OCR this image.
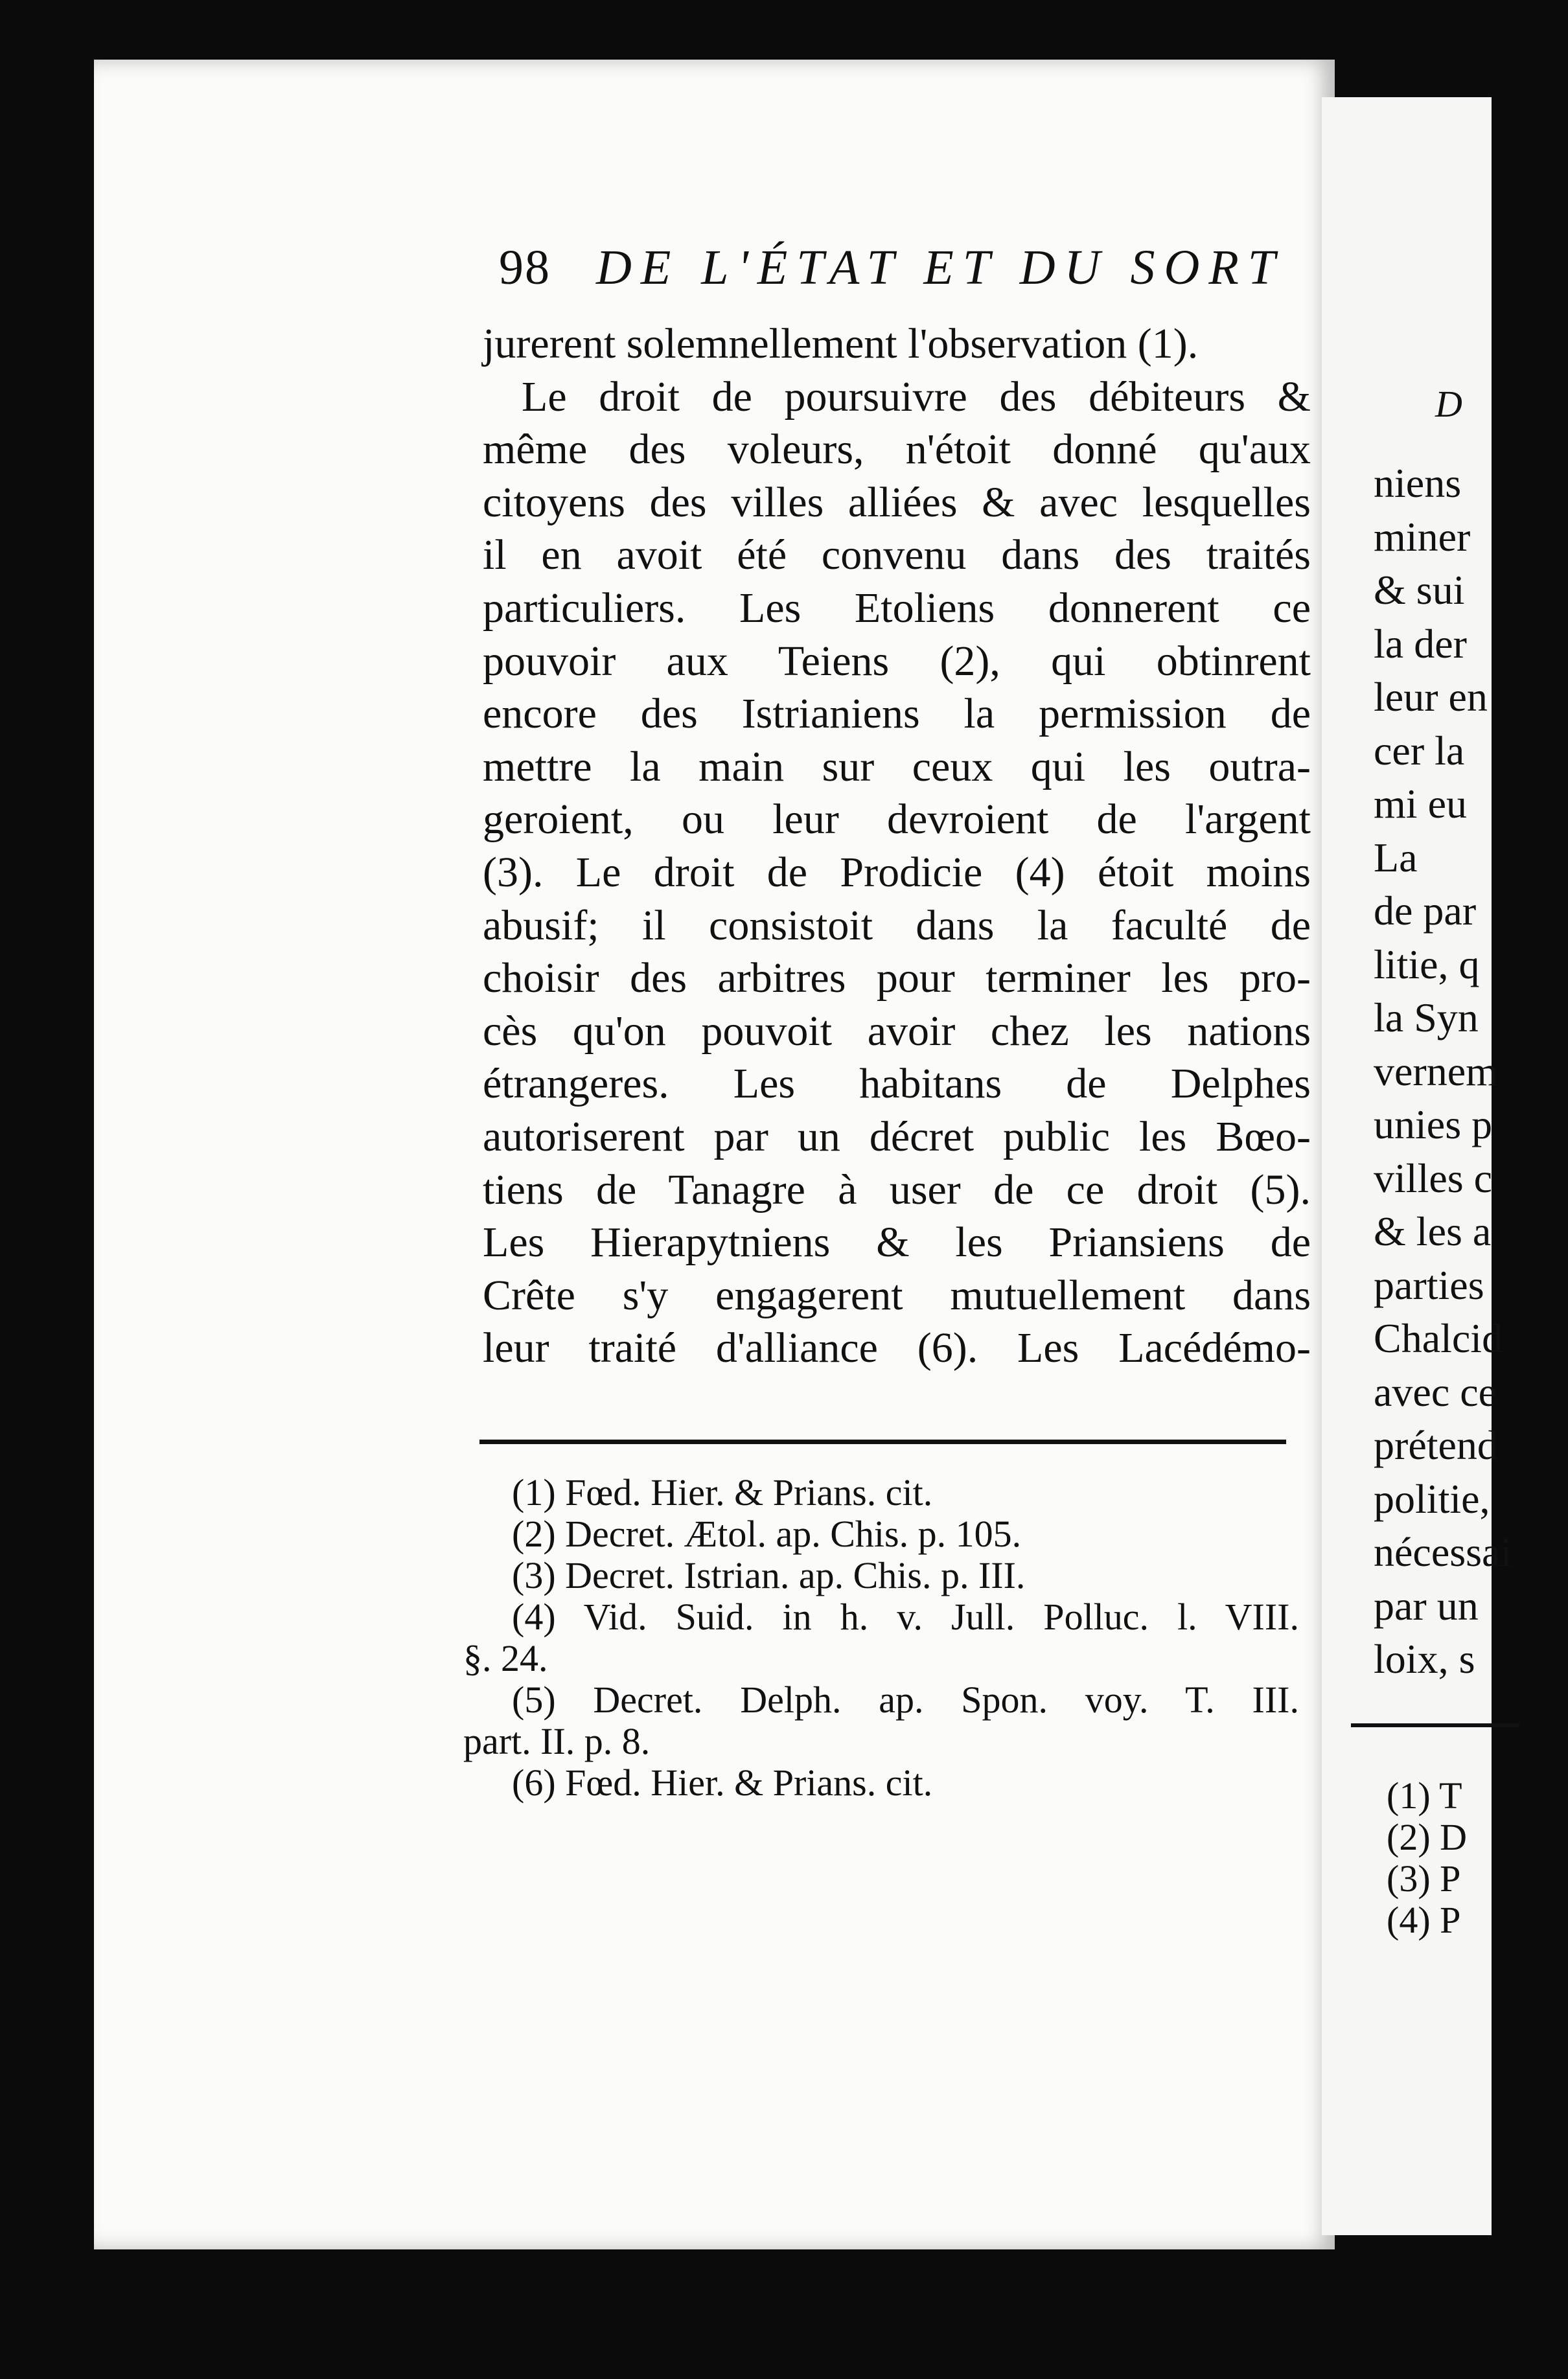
98 DE L'ÉTAT ET DU SORT
jurerent solemnellement l'observation (1).
Le droit de poursuivre des débiteurs &
même des voleurs, n'étoit donné qu'aux
citoyens des villes alliées & avec lesquelles
il en avoit été convenu dans des traités
particuliers. Les Etoliens donnerent ce
pouvoir aux Teiens (2), qui obtinrent
encore des Istrianiens la permission de
mettre la main sur ceux qui les outra-
geroient, ou leur devroient de l'argent
(3). Le droit de Prodicie (4) étoit moins
abusif; il consistoit dans la faculté de
choisir des arbitres pour terminer les pro-
cès qu'on pouvoit avoir chez les nations
étrangeres. Les habitans de Delphes
autoriserent par un décret public les Bœo-
tiens de Tanagre à user de ce droit (5).
Les Hierapytniens & les Priansiens de
Crête s'y engagerent mutuellement dans
leur traité d'alliance (6). Les Lacédémo-
(1) Fœd. Hier. & Prians. cit.
(2) Decret. Ætol. ap. Chis. p. 105.
(3) Decret. Istrian. ap. Chis. p. III.
(4) Vid. Suid. in h. v. Jull. Polluc. l. VIII.
§. 24.
(5) Decret. Delph. ap. Spon. voy. T. III.
part. II. p. 8.
(6) Fœd. Hier. & Prians. cit.
D
niens
miner
& sui
la der
leur en
cer la
mi eu
La
de par
litie, q
la Syn
vernem
unies p
villes c
& les a
parties
Chalcid
avec ce
prétend
politie,
nécessai
par un
loix, s
(1) T
(2) D
(3) P
(4) P
